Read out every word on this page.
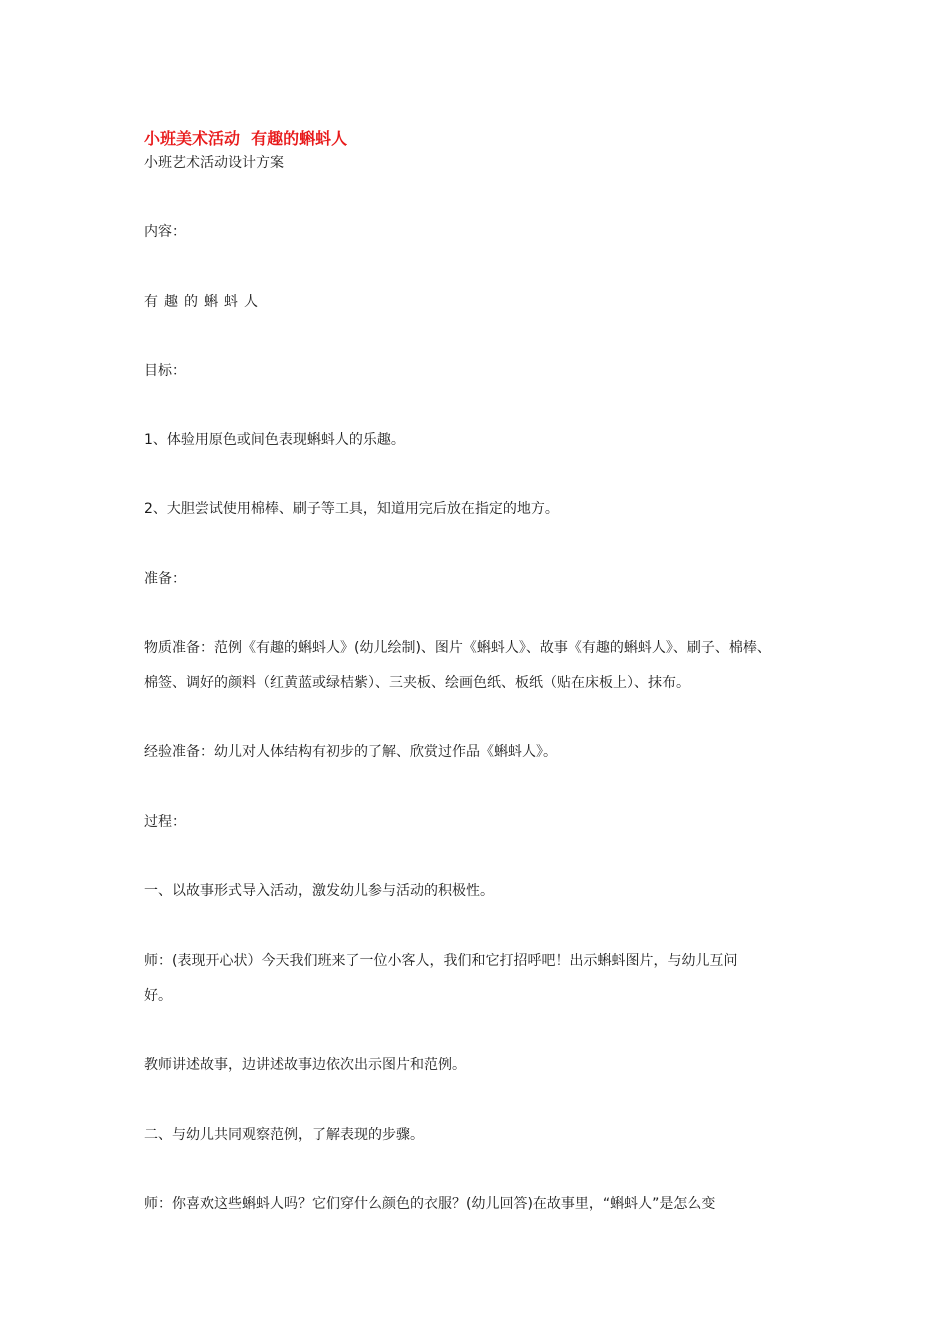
小班美术活动  有趣的蝌蚪人
小班艺术活动设计方案
内容：
有趣的蝌蚪人
目标：
1、体验用原色或间色表现蝌蚪人的乐趣。
2、大胆尝试使用棉棒、刷子等工具，知道用完后放在指定的地方。
准备：
物质准备：范例《有趣的蝌蚪人》(幼儿绘制)、图片《蝌蚪人》、故事《有趣的蝌蚪人》、刷子、棉棒、
棉签、调好的颜料（红黄蓝或绿桔紫）、三夹板、绘画色纸、板纸（贴在床板上）、抹布。
经验准备：幼儿对人体结构有初步的了解、欣赏过作品《蝌蚪人》。
过程：
一、以故事形式导入活动，激发幼儿参与活动的积极性。
师：(表现开心状）今天我们班来了一位小客人，我们和它打招呼吧！出示蝌蚪图片，与幼儿互问
好。
教师讲述故事，边讲述故事边依次出示图片和范例。
二、与幼儿共同观察范例，了解表现的步骤。
师：你喜欢这些蝌蚪人吗？它们穿什么颜色的衣服？(幼儿回答)在故事里，“蝌蚪人”是怎么变
